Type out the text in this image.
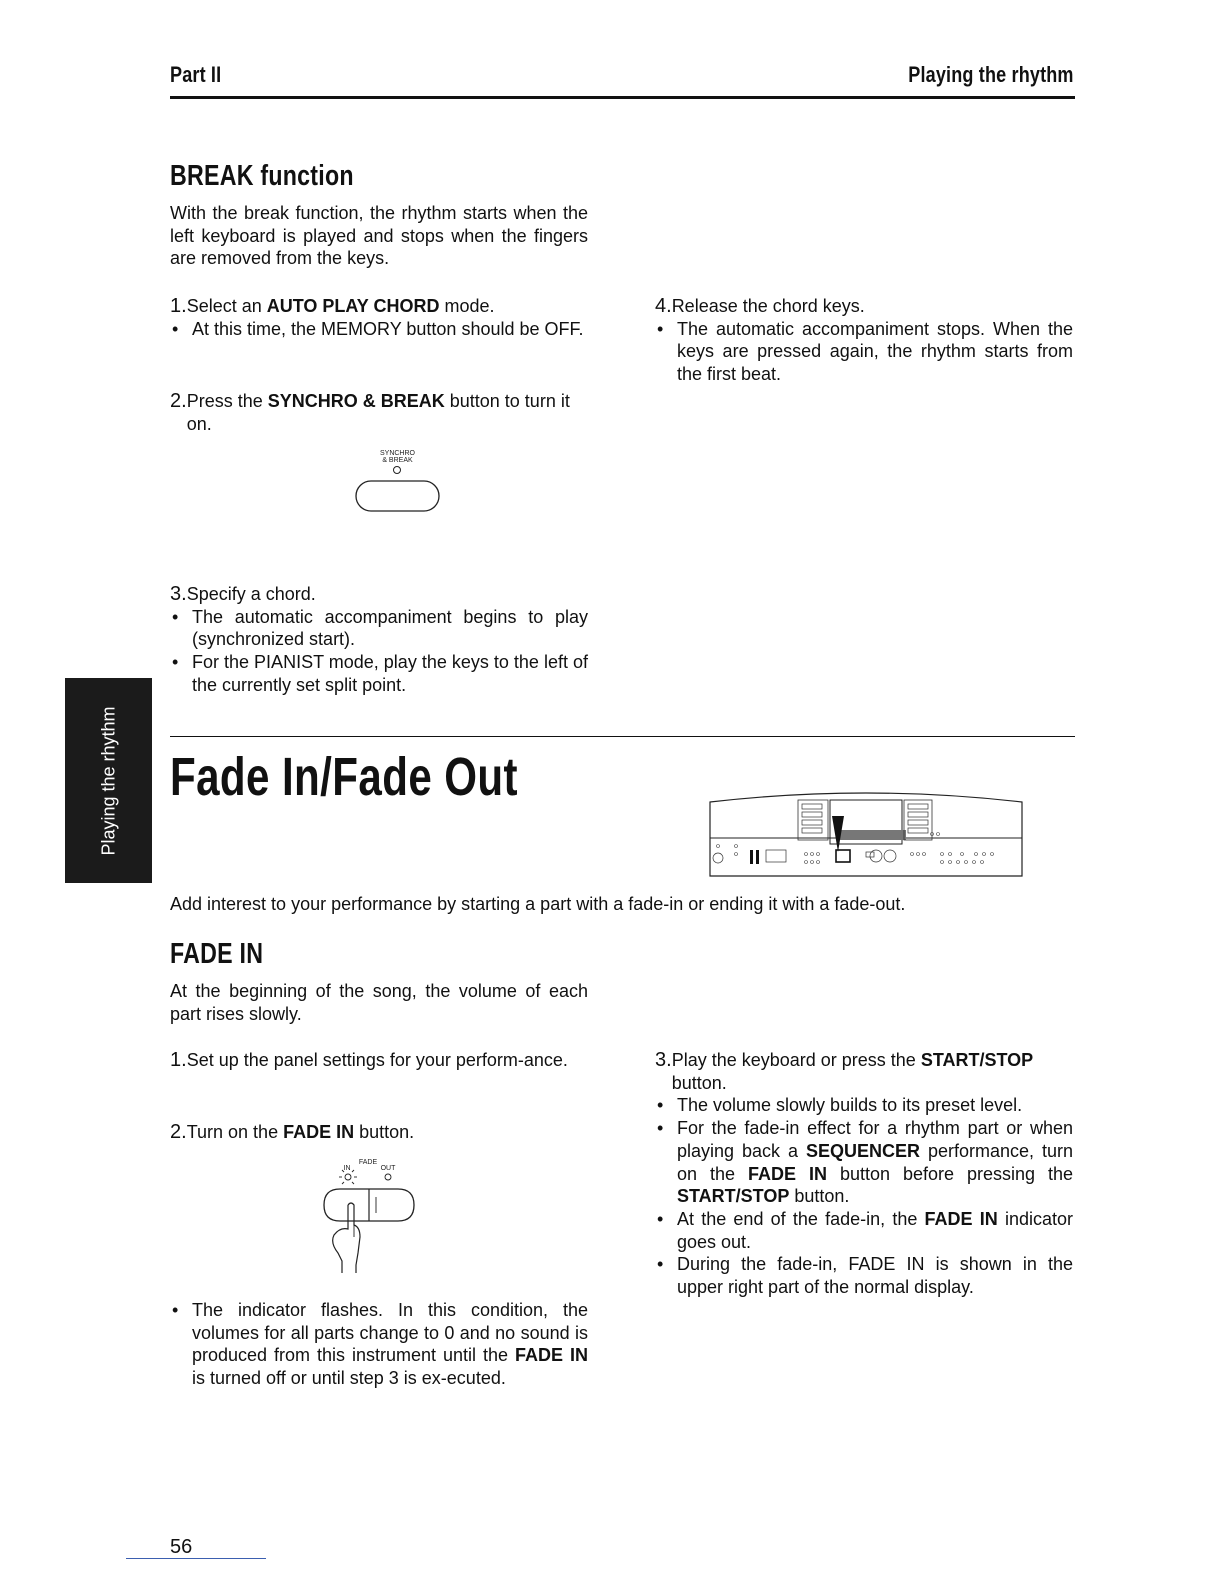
Part II	Playing the rhythm
BREAK function
With the break function, the rhythm starts when the left keyboard is played and stops when the fingers are removed from the keys.
1.Select an AUTO PLAY CHORD mode.
• At this time, the MEMORY button should be OFF.
2. Press the SYNCHRO & BREAK button to turn it on.
SYNCHRO
& BREAK
3.Specify a chord.
• The automatic accompaniment begins to play (synchronized start).
• For the PIANIST mode, play the keys to the left of the currently set split point.
4.Release the chord keys.
• The automatic accompaniment stops. When the keys are pressed again, the rhythm starts from the first beat.
Playing the rhythm Fade In/Fade Out
Add interest to your performance by starting a part with a fade-in or ending it with a fade-out.
FADE IN
At the beginning of the song, the volume of each part rises slowly.
1. Set up the panel settings for your perform-ance.
2.Turn on the FADE IN button.
FADE
IN	OUT
• The indicator flashes. In this condition, the volumes for all parts change to 0 and no sound is produced from this instrument until the FADE IN is turned off or until step 3 is ex-ecuted.
3. Play the keyboard or press the START/STOP button.
• The volume slowly builds to its preset level.
• For the fade-in effect for a rhythm part or when playing back a SEQUENCER performance, turn on the FADE IN button before pressing the START/STOP button.
• At the end of the fade-in, the FADE IN indicator goes out.
• During the fade-in, FADE IN is shown in the upper right part of the normal display.
56
